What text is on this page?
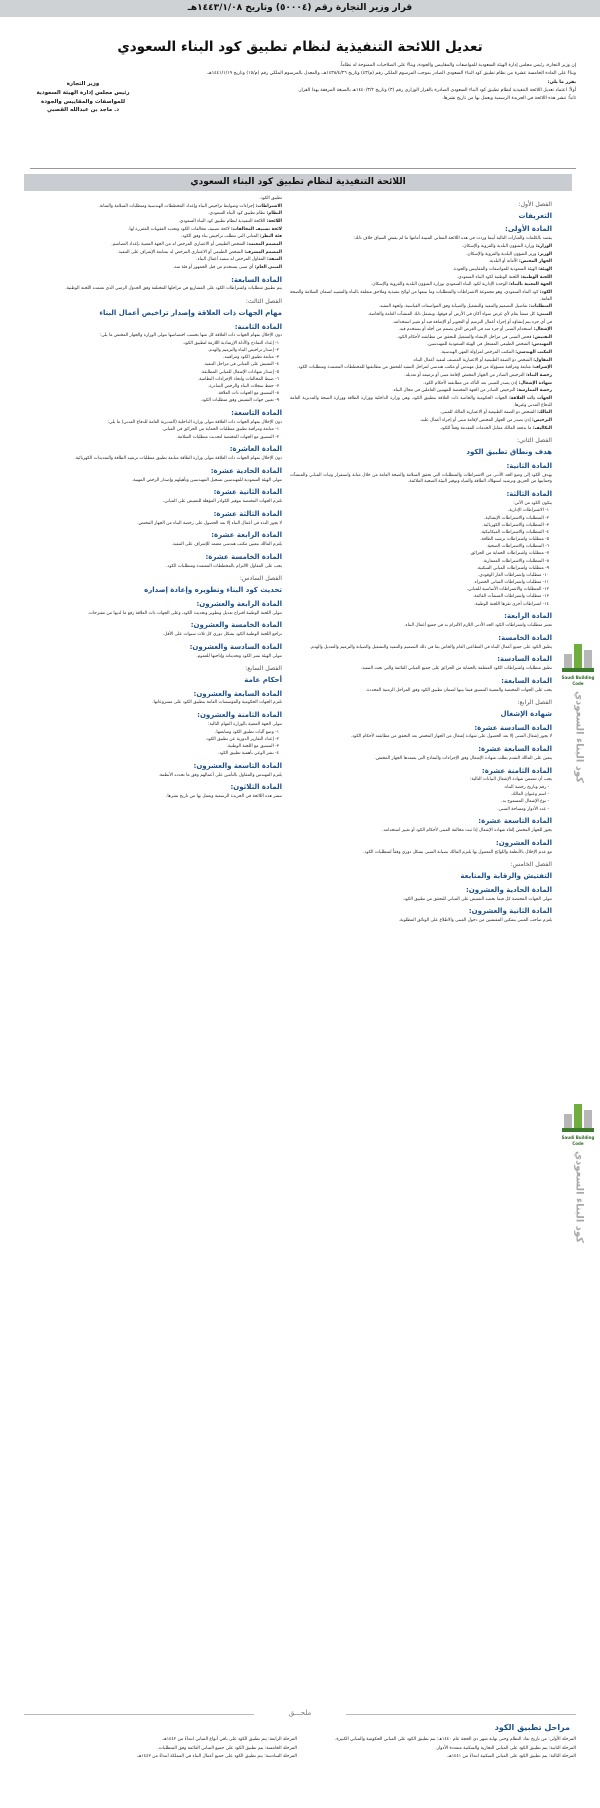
قرار وزير التجارة رقم (٥٠٠٠٤) وتاريخ ١٤٤٣/١/٠٨هـ
تعديل اللائحة التنفيذية لنظام تطبيق كود البناء السعودي

إن وزير التجارة، رئيس مجلس إدارة الهيئة السعودية للمواصفات والمقاييس والجودة، وبناءً على الصلاحيات الممنوحة له نظاماً.

وبناءً على المادة الخامسة عشرة من نظام تطبيق كود البناء السعودي الصادر بموجب المرسوم الملكي رقم (م/٤٣) وتاريخ ١٤٣٨/٤/٢٦هـ، والمعدل بالمرسوم الملكي رقم (م/١٥) وتاريخ ١٤٤١/١/١٩هـ.

يقرر ما يلي:

أولاً: اعتماد تعديل اللائحة التنفيذية لنظام تطبيق كود البناء السعودي الصادرة بالقرار الوزاري رقم (٣) وتاريخ ١٤٤٠/٣/٢هـ بالصيغة المرفقة بهذا القرار.

ثانياً: تنشر هذه اللائحة في الجريدة الرسمية ويعمل بها من تاريخ نشرها.

وزير التجارة
رئيس مجلس إدارة الهيئة السعودية
للمواصفات والمقاييس والجودة
د. ماجد بن عبدالله القصبي
اللائحة التنفيذية لنظام تطبيق كود البناء السعودي
الفصل الأول:
التعريفات
المادة الأولى:
يقصد بالكلمات والعبارات التالية أينما وردت في هذه اللائحة المعاني المبينة أمامها ما لم يقتضِ السياق خلاف ذلك:
الوزارة: وزارة الشؤون البلدية والقروية والإسكان.
الوزير: وزير الشؤون البلدية والقروية والإسكان.
الجهاز المختص: الأمانة أو البلدية.
الهيئة: الهيئة السعودية للمواصفات والمقاييس والجودة.
اللجنة الوطنية: اللجنة الوطنية لكود البناء السعودي.
الجهة المعنية بالبناء: الوحدة الإدارية لكود البناء السعودي بوزارة الشؤون البلدية والقروية والإسكان.
الكود: كود البناء السعودي، وهو مجموعة الاشتراطات والمتطلبات وما يتبعها من لوائح تنفيذية وملاحق متعلقة بالبناء والتشييد لضمان السلامة والصحة العامة.
المتطلبات: تفاصيل التصميم والتنفيذ والتشغيل والصيانة وفق المواصفات القياسية، ولجهة التنفيذ.
المبنى: كل منشأ يقام لأي غرض سواء أكان في الأرض أم فوقها، ويشمل ذلك المنشآت العامة والخاصة.
في أي جزء يتم إنشاؤه أو إجراء أعمال الترميم أو التحوير أو الإضافة فيه أو تغيير استخدامه.
الإشغال: استخدام المبنى أو جزء منه في الغرض الذي يصمم من أجله أو يستخدم فيه.
التفتيش: فحص المبنى في مراحل الإنشاء والتشغيل للتحقق من مطابقته لأحكام الكود.
المهندس: الشخص الطبيعي المسجل في الهيئة السعودية للمهندسين.
المكتب الهندسي: المكتب المرخص لمزاولة المهن الهندسية.
المقاول: الشخص ذو الصفة الطبيعية أو الاعتبارية المصنف لتنفيذ أعمال البناء.
الإشراف: متابعة ومراقبة مسؤولة من قبل مهندس أو مكتب هندسي لمراحل التنفيذ للتحقق من مطابقتها للمخططات المعتمدة ومتطلبات الكود.
رخصة البناء: الترخيص الصادر من الجهاز المختص لإقامة مبنى أو ترميمه أو تعديله.
شهادة الإشغال: إذن يصدر للمبنى بعد التأكد من مطابقته لأحكام الكود.
رخصة الممارسة: الترخيص الصادر من الجهة المختصة للمهنيين العاملين في مجال البناء.
الجهات ذات العلاقة: الجهات الحكومية والخاصة ذات العلاقة بتطبيق الكود، وهي وزارة الداخلية ووزارة الطاقة ووزارة الصحة والمديرية العامة للدفاع المدني وغيرها.
المالك: الشخص ذو الصفة الطبيعية أو الاعتبارية المالك للمبنى.
الترخيص: إذن يصدر من الجهاز المختص لإقامة مبنى أو إجراء أعمال عليه.
التكاليف: ما يدفعه المالك مقابل الخدمات المقدمة وفقاً للكود.
الفصل الثاني:
هدف ونطاق تطبيق الكود
المادة الثانية:
يهدف الكود إلى وضع الحد الأدنى من الاشتراطات والمتطلبات التي تحقق السلامة والصحة العامة من خلال متانة واستقرار وثبات المباني والمنشآت وحمايتها من الحريق وترشيد استهلاك الطاقة والمياه وتوفير البيئة الصحية الملائمة.
المادة الثالثة:
يتكون الكود من الآتي:
١- الاشتراطات الإدارية.
٢- المتطلبات والاشتراطات الإنشائية.
٣- المتطلبات والاشتراطات الكهربائية.
٤- المتطلبات والاشتراطات الميكانيكية.
٥- متطلبات واشتراطات ترشيد الطاقة.
٦- المتطلبات والاشتراطات الصحية.
٧- متطلبات واشتراطات الحماية من الحرائق.
٨- المتطلبات والاشتراطات المعمارية.
٩- متطلبات واشتراطات المباني السكنية.
١٠- متطلبات واشتراطات الغاز الوقودي.
١١- متطلبات واشتراطات المباني الخضراء.
١٢- المتطلبات والاشتراطات الأساسية للمباني.
١٣- متطلبات واشتراطات المنشآت القائمة.
١٤- اشتراطات أخرى تقرها اللجنة الوطنية.
المادة الرابعة:
تعتبر متطلبات واشتراطات الكود الحد الأدنى اللازم الالتزام به في جميع أعمال البناء.
المادة الخامسة:
يطبق الكود على جميع أعمال البناء في القطاعين العام والخاص بما في ذلك التصميم والتنفيذ والتشغيل والصيانة والترميم والتعديل والهدم.
المادة السادسة:
تطبق متطلبات واشتراطات الكود المتعلقة بالحماية من الحرائق على جميع المباني القائمة والتي تحت التنفيذ.
المادة السابعة:
يجب على الجهات المختصة والمعنية التنسيق فيما بينها لضمان تطبيق الكود وفق المراحل الزمنية المحددة.
الفصل الرابع:
شهادة الإشغال
المادة السادسة عشرة:
لا يجوز إشغال المبنى إلا بعد الحصول على شهادة إشغال من الجهاز المختص بعد التحقق من مطابقته لأحكام الكود.
المادة السابعة عشرة:
يتعين على المالك التقدم بطلب شهادة الإشغال وفق الإجراءات والنماذج التي يعتمدها الجهاز المختص.
المادة الثامنة عشرة:
يجب أن تتضمن شهادة الإشغال البيانات التالية:
- رقم وتاريخ رخصة البناء.
- اسم وعنوان المالك.
- نوع الإشغال المسموح به.
- عدد الأدوار ومساحة المبنى.
المادة التاسعة عشرة:
يجوز للجهاز المختص إلغاء شهادة الإشغال إذا ثبت مخالفة المبنى لأحكام الكود أو تغيير استخدامه.
المادة العشرون:
مع عدم الإخلال بالأنظمة واللوائح المعمول بها يلتزم المالك بصيانة المبنى بشكل دوري وفقاً لمتطلبات الكود.
الفصل الخامس:
التفتيش والرقابة والمتابعة
المادة الحادية والعشرون:
تتولى الجهات المختصة كل فيما يخصه التفتيش على المباني للتحقق من تطبيق الكود.
المادة الثانية والعشرون:
يلتزم صاحب المبنى بتمكين المفتشين من دخول المبنى والاطلاع على الوثائق المطلوبة.
تطبيق الكود.
الاشتراطات: إجراءات وضوابط تراخيص البناء وإعداد المخططات الهندسية ومتطلبات السلامة والمتانة.
النظام: نظام تطبيق كود البناء السعودي.
اللائحة: اللائحة التنفيذية لنظام تطبيق كود البناء السعودي.
لائحة تصنيف المخالفات: لائحة تصنيف مخالفات الكود وتحديد العقوبات المقررة لها.
فئة النظر: المباني التي تتطلب تراخيص بناء وفق الكود.
المصمم المعتمد: الشخص الطبيعي أو الاعتباري المرخص له من الجهة المعنية بإعداد التصاميم.
المصمم المشرف: الشخص الطبيعي أو الاعتباري المرخص له بمتابعة الإشراف على التنفيذ.
المنفذ: المقاول المرخص له بتنفيذ أعمال البناء.
المبنى العام: أي مبنى يستخدم من قبل الجمهور أو فئة منه.
المادة السابعة:
يتم تطبيق متطلبات واشتراطات الكود على المشاريع في مراحلها المختلفة وفق الجدول الزمني الذي تعتمده اللجنة الوطنية.
الفصل الثالث:
مهام الجهات ذات العلاقة وإصدار تراخيص أعمال البناء
المادة الثامنة:
دون الإخلال بمهام الجهات ذات العلاقة كل منها بحسب اختصاصها تتولى الوزارة والجهاز المختص ما يلي:
١- إعداد النماذج والأدلة الإرشادية اللازمة لتطبيق الكود.
٢- إصدار تراخيص البناء والترميم والهدم.
٣- متابعة تطبيق الكود ومراقبته.
٤- التفتيش على المباني في مراحل التنفيذ.
٥- إصدار شهادات الإشغال للمباني المطابقة.
٦- ضبط المخالفات واتخاذ الإجراءات النظامية.
٧- حفظ سجلات البناء والرخص الصادرة.
٨- التنسيق مع الجهات ذات العلاقة.
٩- تعيين جهات التفتيش وفق متطلبات الكود.
المادة التاسعة:
دون الإخلال بمهام الجهات ذات العلاقة تتولى وزارة الداخلية (المديرية العامة للدفاع المدني) ما يلي:
١- متابعة ومراقبة تطبيق متطلبات الحماية من الحرائق في المباني.
٢- التنسيق مع الجهات المختصة لتحديث متطلبات السلامة.
المادة العاشرة:
دون الإخلال بمهام الجهات ذات العلاقة تتولى وزارة الطاقة متابعة تطبيق متطلبات ترشيد الطاقة والتمديدات الكهربائية.
المادة الحادية عشرة:
تتولى الهيئة السعودية للمهندسين تسجيل المهندسين وتأهيلهم وإصدار الرخص المهنية.
المادة الثانية عشرة:
تلتزم الجهات المختصة بتوفير الكوادر المؤهلة للتفتيش على المباني.
المادة الثالثة عشرة:
لا يجوز البدء في أعمال البناء إلا بعد الحصول على رخصة البناء من الجهاز المختص.
المادة الرابعة عشرة:
يلتزم المالك بتعيين مكتب هندسي معتمد للإشراف على التنفيذ.
المادة الخامسة عشرة:
يجب على المقاول الالتزام بالمخططات المعتمدة ومتطلبات الكود.
الفصل السادس:
تحديث كود البناء وتطويره وإعادة إصداره
المادة الرابعة والعشرون:
تتولى اللجنة الوطنية اقتراح تعديل وتطوير وتحديث الكود، وعلى الجهات ذات العلاقة رفع ما لديها من مقترحات.
المادة الخامسة والعشرون:
تراجع اللجنة الوطنية الكود بشكل دوري كل ثلاث سنوات على الأقل.
المادة السادسة والعشرون:
تتولى الهيئة نشر الكود وتحديثاته وإتاحتها للعموم.
الفصل السابع:
أحكام عامة
المادة السابعة والعشرون:
تلتزم الجهات الحكومية والمؤسسات العامة بتطبيق الكود على مشروعاتها.
المادة الثامنة والعشرون:
تتولى الجهة المعنية بالوزارة المهام التالية:
١- وضع آليات تطبيق الكود ومتابعتها.
٢- إعداد التقارير الدورية عن تطبيق الكود.
٣- التنسيق مع اللجنة الوطنية.
٤- نشر الوعي بأهمية تطبيق الكود.
المادة التاسعة والعشرون:
يلتزم المهندس والمقاول بالتأمين على أعمالهم وفق ما تحدده الأنظمة.
المادة الثلاثون:
تنشر هذه اللائحة في الجريدة الرسمية ويعمل بها من تاريخ نشرها.
Saudi Building Code
كود البناء السعودي
Saudi Building Code
كود البناء السعودي
ملحـــق
مراحل تطبيق الكود

المرحلة الأولى: من تاريخ نفاذ النظام وحتى نهاية شهر ذي الحجة عام ١٤٤٠هـ: يتم تطبيق الكود على المباني الحكومية والمباني الكبيرة.

المرحلة الثانية: يتم تطبيق الكود على المباني التجارية والسكنية متعددة الأدوار.

المرحلة الثالثة: يتم تطبيق الكود على المباني السكنية ابتداءً من ١٤٤١هـ.

المرحلة الرابعة: يتم تطبيق الكود على باقي أنواع المباني ابتداءً من ١٤٤٢هـ.

المرحلة الخامسة: يتم تطبيق الكود على جميع المباني القائمة وفق المتطلبات.

المرحلة السادسة: يتم تطبيق الكود على جميع أعمال البناء في المملكة ابتداءً من ١٤٤٣هـ.
